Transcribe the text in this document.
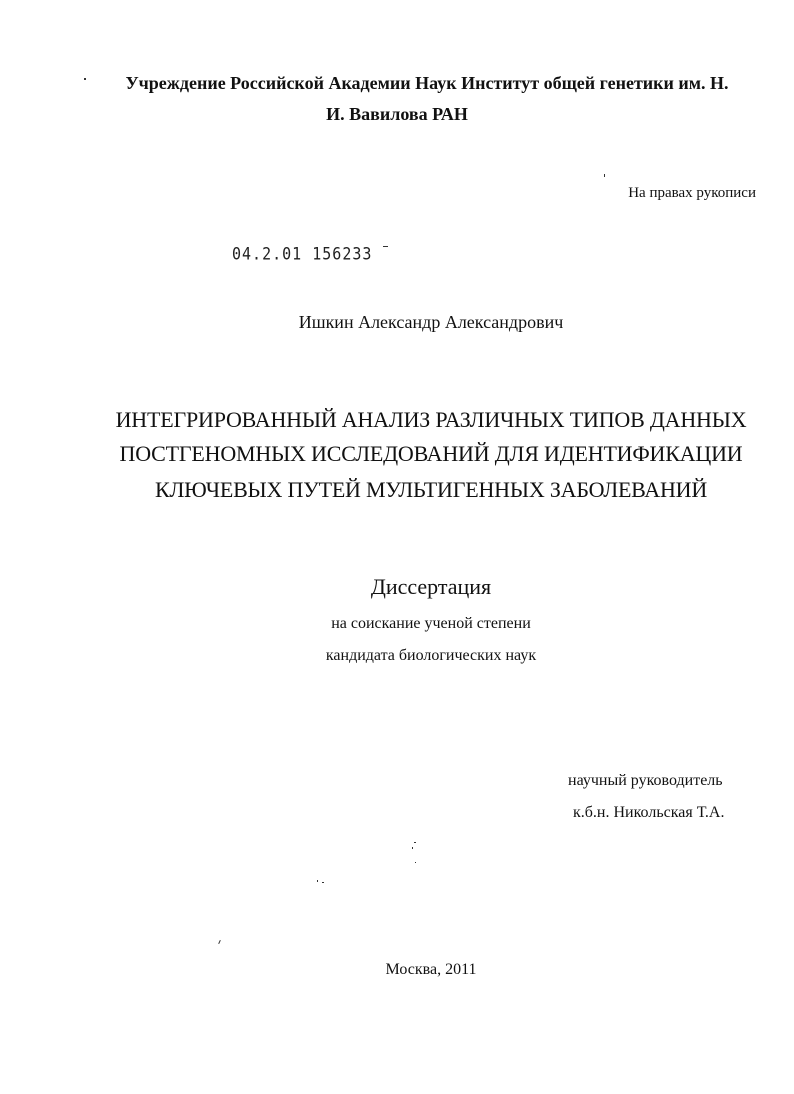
Учреждение Российской Академии Наук Институт общей генетики им. Н.
И. Вавилова РАН
На правах рукописи
04.2.01 156233
Ишкин Александр Александрович
ИНТЕГРИРОВАННЫЙ АНАЛИЗ РАЗЛИЧНЫХ ТИПОВ ДАННЫХ
ПОСТГЕНОМНЫХ ИССЛЕДОВАНИЙ ДЛЯ ИДЕНТИФИКАЦИИ
КЛЮЧЕВЫХ ПУТЕЙ МУЛЬТИГЕННЫХ ЗАБОЛЕВАНИЙ
Диссертация
на соискание ученой степени
кандидата биологических наук
научный руководитель
к.б.н. Никольская Т.А.
Москва, 2011
